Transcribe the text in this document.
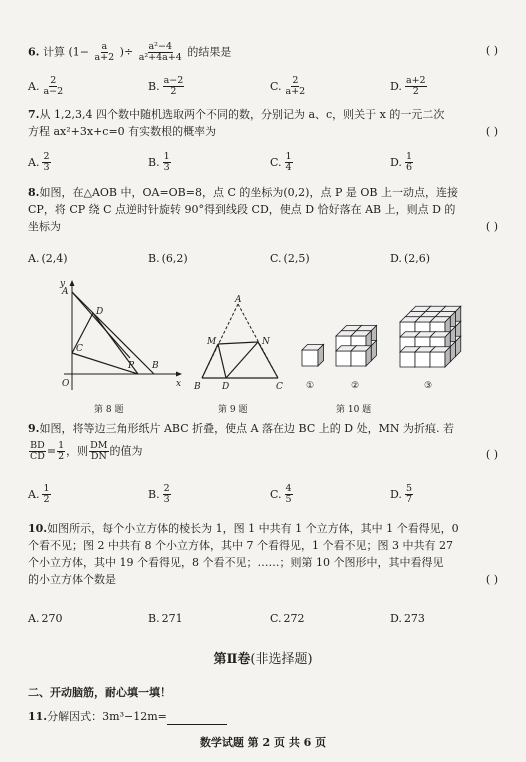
6. 计算 ($1- \frac{a}{a+2}$ )÷ $\frac{\text{a²−4}}{\text{a²+4a+4}}$ 的结果是	( )
A. $\frac{2}{a-2}$	B. $\frac{a-2}{2}$	C. $\frac{2}{a+2}$	D. $\frac{a+2}{2}$
7.从 1,2,3,4 四个数中随机选取两个不同的数，分别记为 a、c，则关于 x 的一元二次
方程 ax²+3x+c=0 有实数根的概率为	( )
A. $\frac{2}{3}$	B. $\frac{1}{3}$	C. $\frac{1}{4}$	D. $\frac{1}{6}$
8.如图，在△AOB 中，OA=OB=8，点 C 的坐标为(0,2)，点 P 是 OB 上一动点，连接
CP，将 CP 绕 C 点逆时针旋转 90°得到线段 CD，使点 D 恰好落在 AB 上，则点 D 的
坐标为	( )
A. (2,4)	B. (6,2)	C. (2,5)	D. (2,6)
A
D
C
P B
O	x
y
第 8 题
A
M	N
B D	C
第 9 题
①	②	③
第 10 题
9.如图，将等边三角形纸片 ABC 折叠，使点 A 落在边 BC 上的 D 处，MN 为折痕. 若
$\frac{BD}{CD} = \frac{1}{2}$ ，则 $\frac{DM}{DN}$ 的值为	( )
A. $\frac{1}{2}$	B. $\frac{2}{3}$	C. $\frac{4}{5}$	D. $\frac{5}{7}$
10.如图所示，每个小立方体的棱长为 1，图 1 中共有 1 个立方体，其中 1 个看得见，0
个看不见；图 2 中共有 8 个小立方体，其中 7 个看得见，1 个看不见；图 3 中共有 27
个小立方体，其中 19 个看得见，8 个看不见；……；则第 10 个图形中，其中看得见
的小立方体个数是	( )
A. 270	B. 271	C. 272	D. 273
第Ⅱ卷(非选择题)
二、开动脑筋，耐心填一填！
11.分解因式：3m³−12m=
数学试题 第 2 页 共 6 页
